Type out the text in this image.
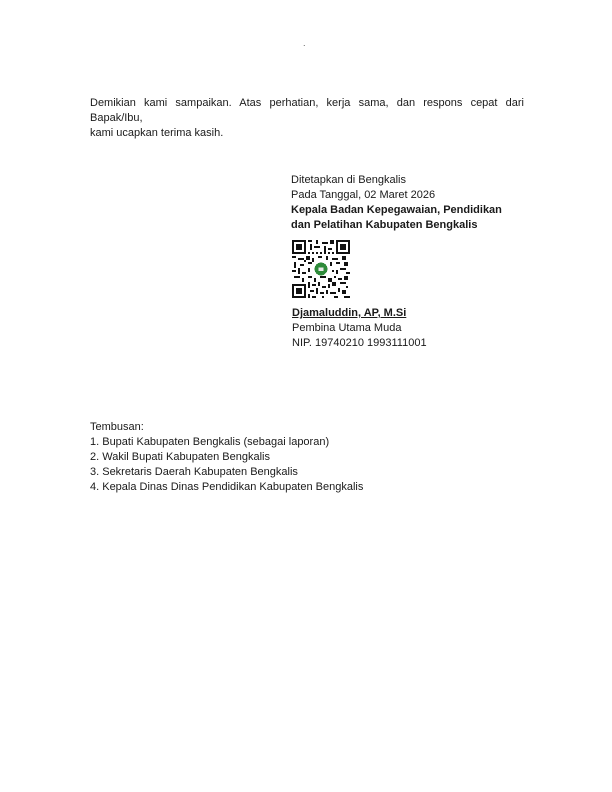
.
Demikian kami sampaikan. Atas perhatian, kerja sama, dan respons cepat dari Bapak/Ibu,
kami ucapkan terima kasih.
Ditetapkan di Bengkalis
Pada Tanggal, 02 Maret 2026
Kepala Badan Kepegawaian, Pendidikan
dan Pelatihan Kabupaten Bengkalis
Djamaluddin, AP, M.Si
Pembina Utama Muda
NIP. 19740210 1993111001
Tembusan:
1. Bupati Kabupaten Bengkalis (sebagai laporan)
2. Wakil Bupati Kabupaten Bengkalis
3. Sekretaris Daerah Kabupaten Bengkalis
4. Kepala Dinas Dinas Pendidikan Kabupaten Bengkalis
